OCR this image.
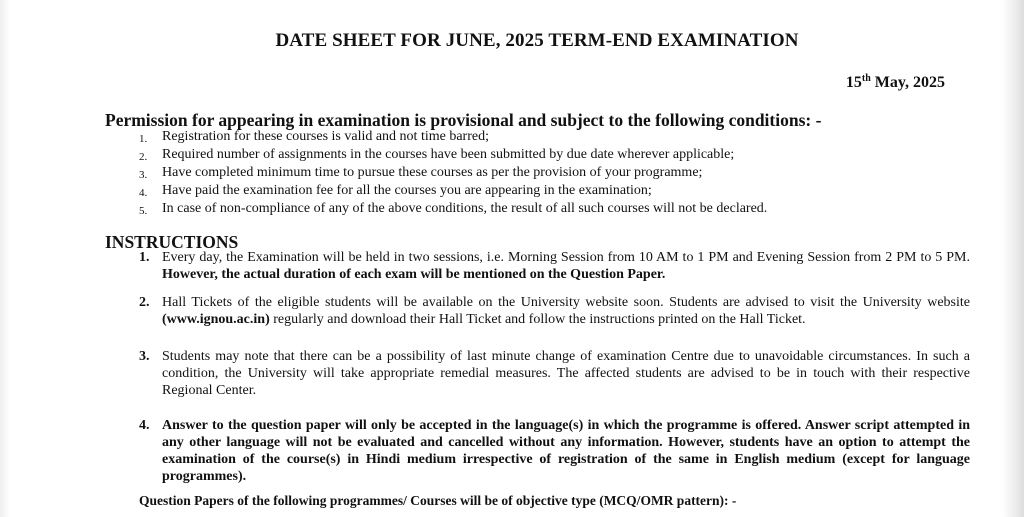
DATE SHEET FOR JUNE, 2025 TERM-END EXAMINATION
15th May, 2025
Permission for appearing in examination is provisional and subject to the following conditions: -
1.	Registration for these courses is valid and not time barred;
2.	Required number of assignments in the courses have been submitted by due date wherever applicable;
3.	Have completed minimum time to pursue these courses as per the provision of your programme;
4.	Have paid the examination fee for all the courses you are appearing in the examination;
5.	In case of non-compliance of any of the above conditions, the result of all such courses will not be declared.
INSTRUCTIONS
1. Every day, the Examination will be held in two sessions, i.e. Morning Session from 10 AM to 1 PM and Evening Session from 2 PM to 5 PM. However, the actual duration of each exam will be mentioned on the Question Paper.
2. Hall Tickets of the eligible students will be available on the University website soon. Students are advised to visit the University website (www.ignou.ac.in) regularly and download their Hall Ticket and follow the instructions printed on the Hall Ticket.
3. Students may note that there can be a possibility of last minute change of examination Centre due to unavoidable circumstances. In such a condition, the University will take appropriate remedial measures. The affected students are advised to be in touch with their respective Regional Center.
4. Answer to the question paper will only be accepted in the language(s) in which the programme is offered. Answer script attempted in any other language will not be evaluated and cancelled without any information. However, students have an option to attempt the examination of the course(s) in Hindi medium irrespective of registration of the same in English medium (except for language programmes).
Question Papers of the following programmes/ Courses will be of objective type (MCQ/OMR pattern): -
